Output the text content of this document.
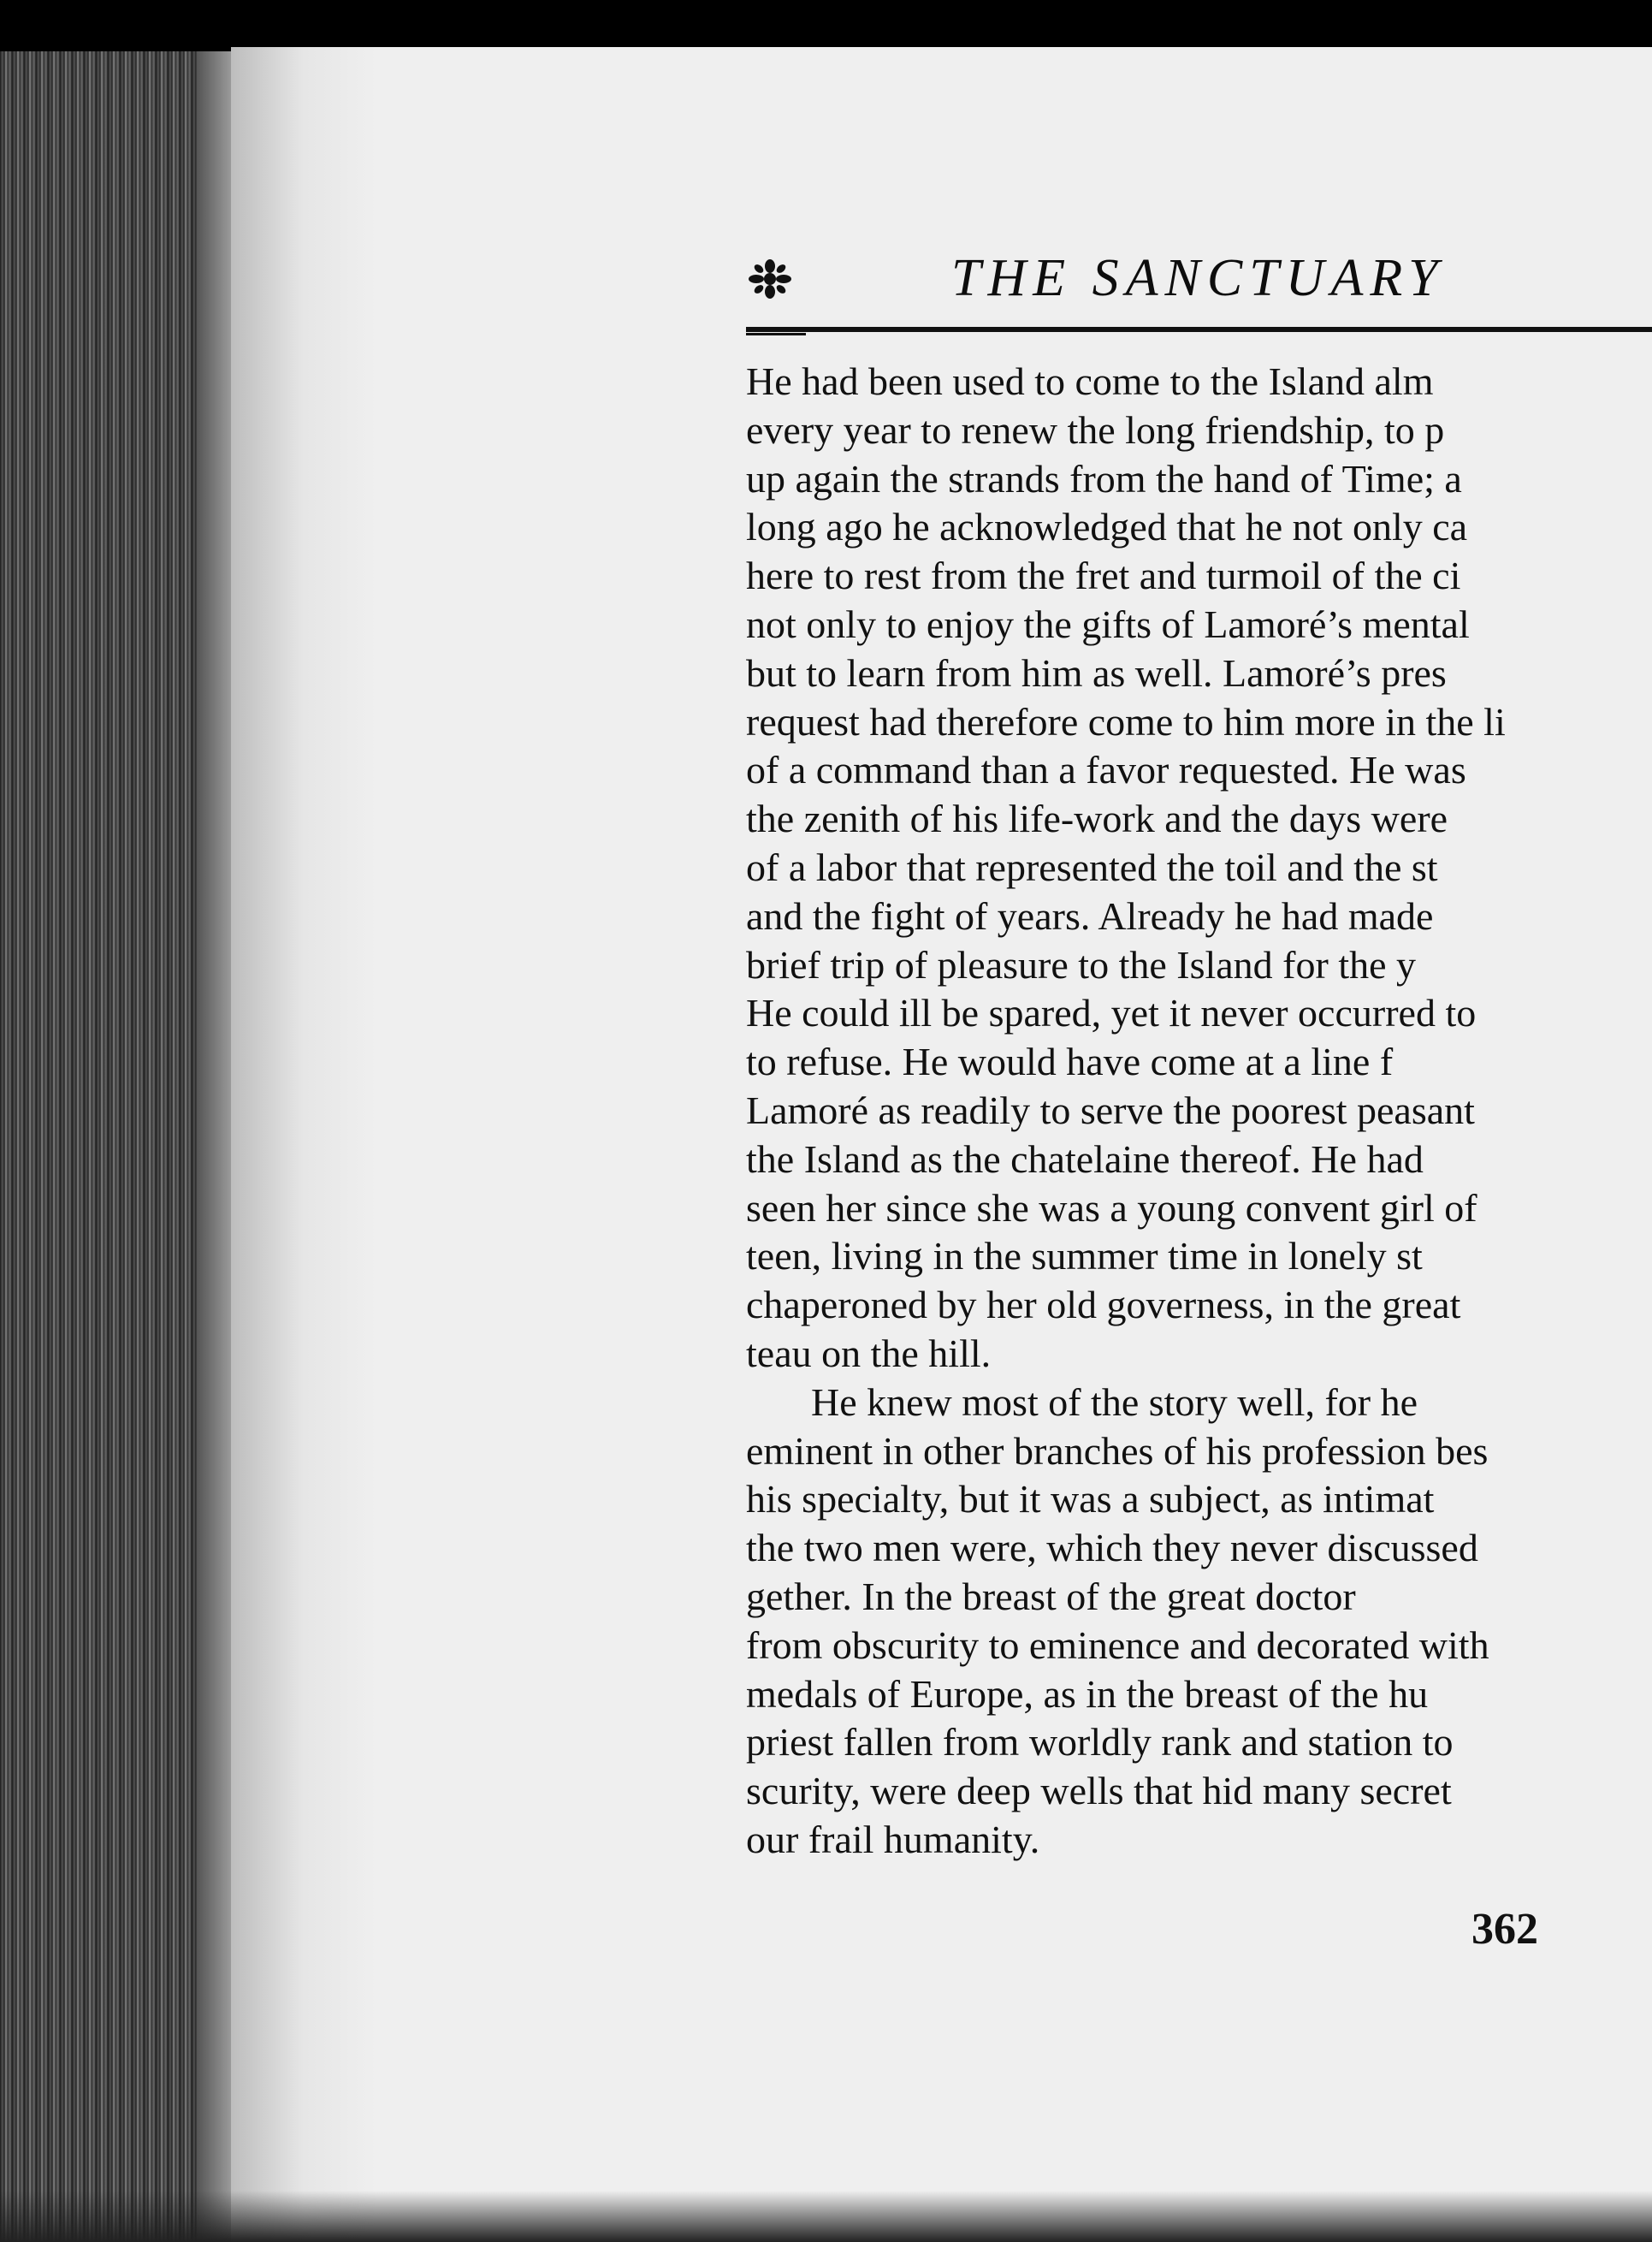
THE SANCTUARY
He had been used to come to the Island alm
every year to renew the long friendship, to p
up again the strands from the hand of Time; a
long ago he acknowledged that he not only ca
here to rest from the fret and turmoil of the ci
not only to enjoy the gifts of Lamoré’s mental
but to learn from him as well. Lamoré’s pres
request had therefore come to him more in the li
of a command than a favor requested. He was
the zenith of his life-work and the days were
of a labor that represented the toil and the st
and the fight of years. Already he had made
brief trip of pleasure to the Island for the y
He could ill be spared, yet it never occurred to
to refuse. He would have come at a line f
Lamoré as readily to serve the poorest peasant
the Island as the chatelaine thereof. He had
seen her since she was a young convent girl of
teen, living in the summer time in lonely st
chaperoned by her old governess, in the great
teau on the hill.
He knew most of the story well, for he
eminent in other branches of his profession bes
his specialty, but it was a subject, as intimat
the two men were, which they never discussed
gether. In the breast of the great doctor
from obscurity to eminence and decorated with
medals of Europe, as in the breast of the hu
priest fallen from worldly rank and station to
scurity, were deep wells that hid many secret
our frail humanity.
362
